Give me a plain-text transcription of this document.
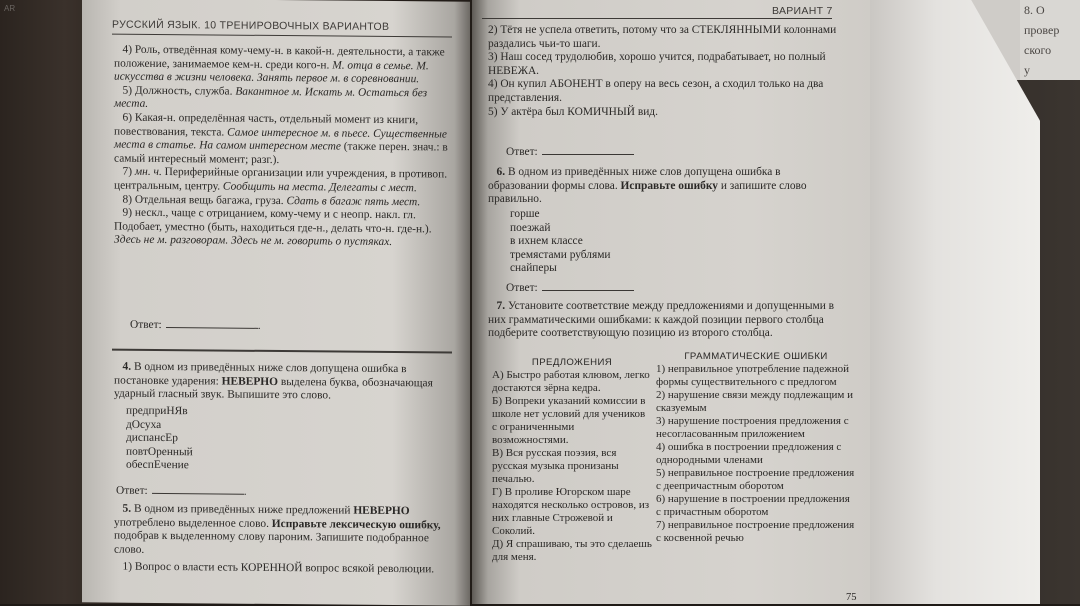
AR	8. О
провер
ского
у
РУССКИЙ ЯЗЫК. 10 ТРЕНИРОВОЧНЫХ ВАРИАНТОВ

4) Роль, отведённая кому-чему-н. в какой-н. деятельности, а также положение, занимаемое кем-н. среди кого-н. М. отца в семье. М. искусства в жизни человека. Занять первое м. в соревновании.

5) Должность, служба. Вакантное м. Искать м. Остаться без места.

6) Какая-н. определённая часть, отдельный момент из книги, повествования, текста. Самое интересное м. в пьесе. Существенные места в статье. На самом интересном месте (также перен. знач.: в самый интересный момент; разг.).

7) мн. ч. Периферийные организации или учреждения, в противоп. центральным, центру. Сообщить на места. Делегаты с мест.

8) Отдельная вещь багажа, груза. Сдать в багаж пять мест.

9) нескл., чаще с отрицанием, кому-чему и с неопр. накл. гл. Подобает, уместно (быть, находиться где-н., делать что-н. где-н.). Здесь не м. разговорам. Здесь не м. говорить о пустяках.

Ответ:	.

4. В одном из приведённых ниже слов допущена ошибка в постановке ударения: НЕВЕРНО выделена буква, обозначающая ударный гласный звук. Выпишите это слово.

предприНЯв

дОсуха

диспансЕр

повтОренный

обеспЕчение

Ответ:	.

5. В одном из приведённых ниже предложений НЕВЕРНО употреблено выделенное слово. Исправьте лексическую ошибку, подобрав к выделенному слову пароним. Запишите подобранное слово.

1) Вопрос о власти есть КОРЕННОЙ вопрос всякой революции.

ВАРИАНТ 7

2) Тётя не успела ответить, потому что за СТЕКЛЯННЫМИ колоннами раздались чьи-то шаги.

3) Наш сосед трудолюбив, хорошо учится, подрабатывает, но полный НЕВЕЖА.

4) Он купил АБОНЕНТ в оперу на весь сезон, а сходил только на два представления.

5) У актёра был КОМИЧНЫЙ вид.

Ответ:

6. В одном из приведённых ниже слов допущена ошибка в образовании формы слова. Исправьте ошибку и запишите слово правильно.

горше

поезжай

в ихнем классе

тремястами рублями

снайперы

Ответ:

7. Установите соответствие между предложениями и допущенными в них грамматическими ошибками: к каждой позиции первого столбца подберите соответствующую позицию из второго столбца.

ПРЕДЛОЖЕНИЯ

А) Быстро работая клювом, легко достаются зёрна кедра.

Б) Вопреки указаний комиссии в школе нет условий для учеников с ограниченными возможностями.

В) Вся русская поэзия, вся русская музыка пронизаны печалью.

Г) В проливе Югорском шаре находятся несколько островов, из них главные Строжевой и Соколий.

Д) Я спрашиваю, ты это сделаешь для меня.

ГРАММАТИЧЕСКИЕ ОШИБКИ

1) неправильное употребление падежной формы существительного с предлогом

2) нарушение связи между подлежащим и сказуемым

3) нарушение построения предложения с несогласованным приложением

4) ошибка в построении предложения с однородными членами

5) неправильное построение предложения с деепричастным оборотом

6) нарушение в построении предложения с причастным оборотом

7) неправильное построение предложения с косвенной речью

75
